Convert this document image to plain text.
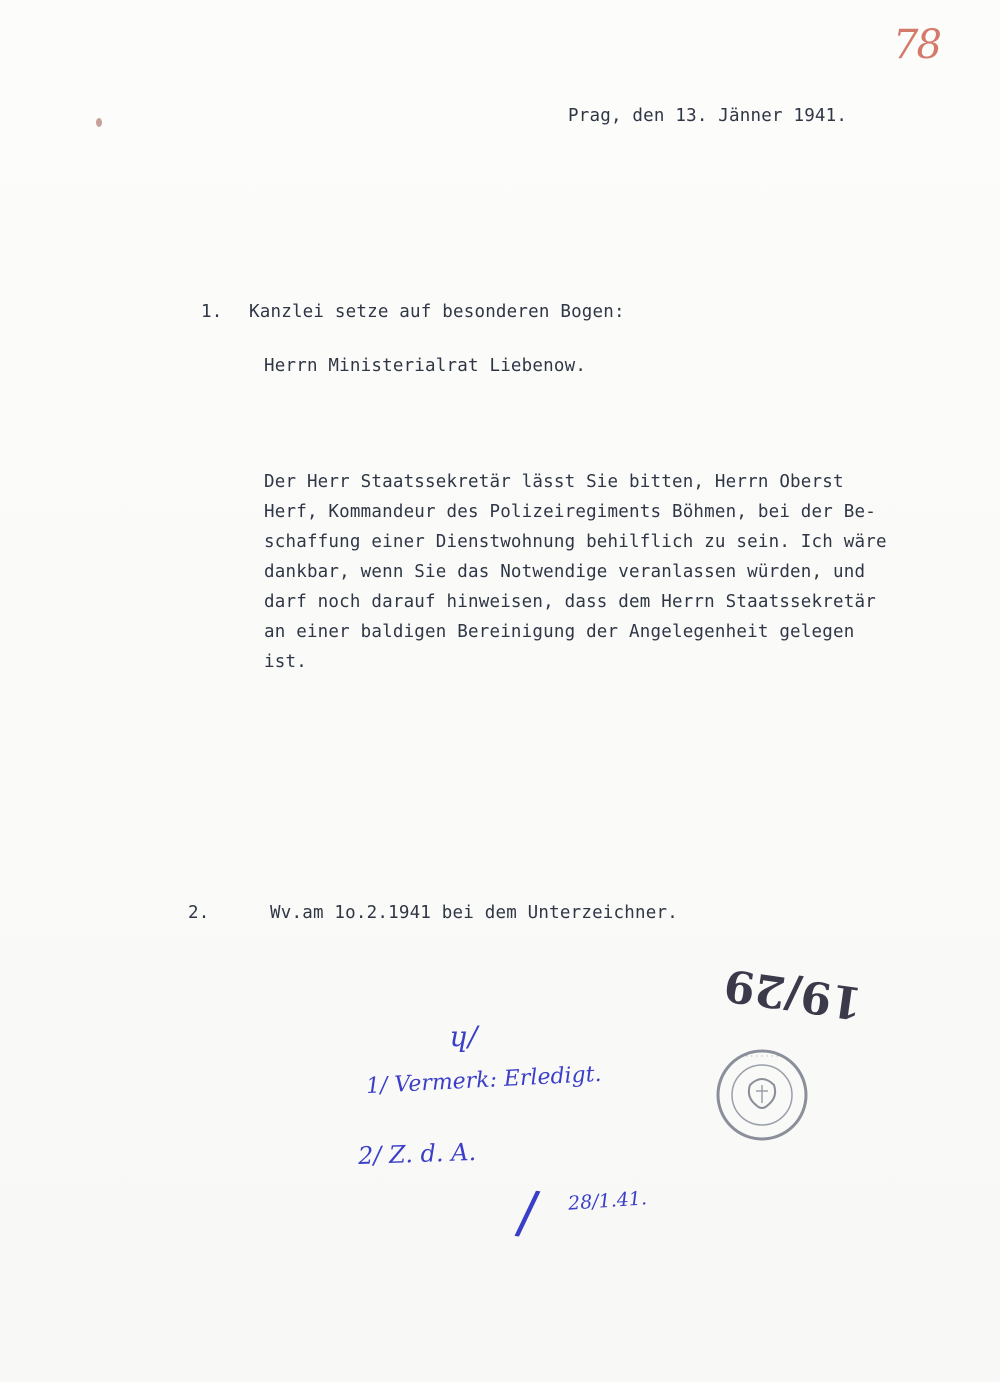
78
Prag, den 13. Jänner 1941.
1. Kanzlei setze auf besonderen Bogen:
Herrn Ministerialrat Liebenow.
Der Herr Staatssekretär lässt Sie bitten, Herrn Oberst
Herf, Kommandeur des Polizeiregiments Böhmen, bei der Be-
schaffung einer Dienstwohnung behilflich zu sein. Ich wäre
dankbar, wenn Sie das Notwendige veranlassen würden, und
darf noch darauf hinweisen, dass dem Herrn Staatssekretär
an einer baldigen Bereinigung der Angelegenheit gelegen
ist.
2.	Wv.am 1o.2.1941 bei dem Unterzeichner.
19/29
· · · · · · ·
ɥ/
1/ Vermerk: Erledigt.
2/ Z. d. A.
/ 28/1.41.
